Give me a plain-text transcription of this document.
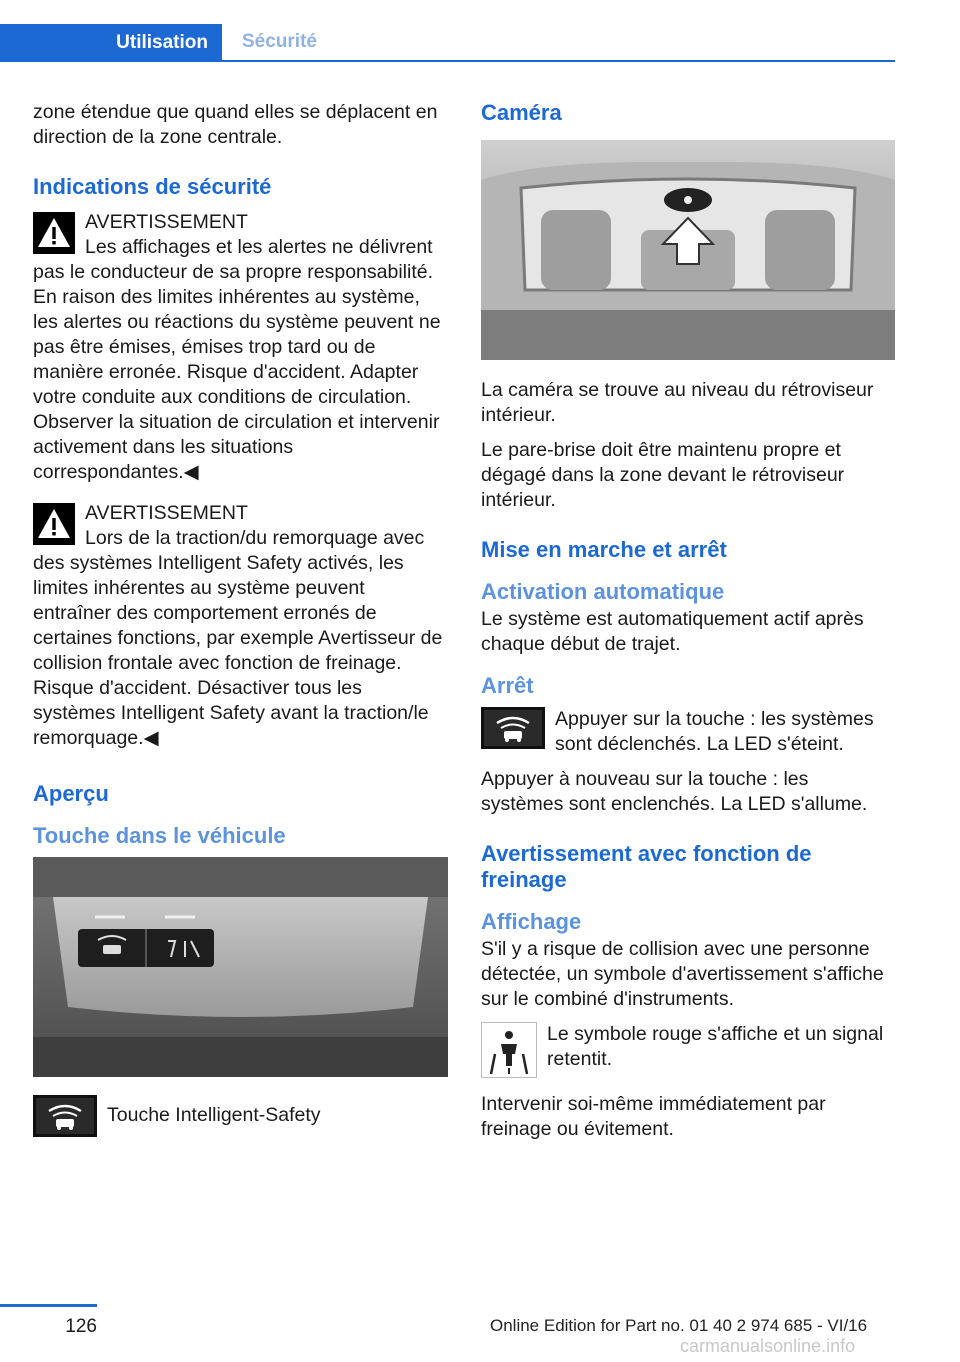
Utilisation	Sécurité

zone étendue que quand elles se déplacent en direction de la zone centrale.

Indications de sécurité
AVERTISSEMENT
Les affichages et les alertes ne délivrent pas le conducteur de sa propre responsabilité. En raison des limites inhérentes au système, les alertes ou réactions du système peuvent ne pas être émises, émises trop tard ou de manière erronée. Risque d'accident. Adapter votre conduite aux conditions de circulation. Observer la situation de circulation et intervenir activement dans les situations correspondantes.◀
AVERTISSEMENT
Lors de la traction/du remorquage avec des systèmes Intelligent Safety activés, les limites inhérentes au système peuvent entraîner des comportement erronés de certaines fonctions, par exemple Avertisseur de collision frontale avec fonction de freinage. Risque d'accident. Désactiver tous les systèmes Intelligent Safety avant la traction/le remorquage.◀
Aperçu
Touche dans le véhicule
Touche Intelligent-Safety
Caméra

La caméra se trouve au niveau du rétroviseur intérieur.

Le pare-brise doit être maintenu propre et dégagé dans la zone devant le rétroviseur intérieur.

Mise en marche et arrêt
Activation automatique

Le système est automatiquement actif après chaque début de trajet.

Arrêt
Appuyer sur la touche : les systèmes sont déclenchés. La LED s'éteint.

Appuyer à nouveau sur la touche : les systèmes sont enclenchés. La LED s'allume.

Avertissement avec fonction de freinage
Affichage

S'il y a risque de collision avec une personne détectée, un symbole d'avertissement s'affiche sur le combiné d'instruments.

Le symbole rouge s'affiche et un signal retentit.

Intervenir soi-même immédiatement par freinage ou évitement.

126	Online Edition for Part no. 01 40 2 974 685 - VI/16
carmanualsonline.info
